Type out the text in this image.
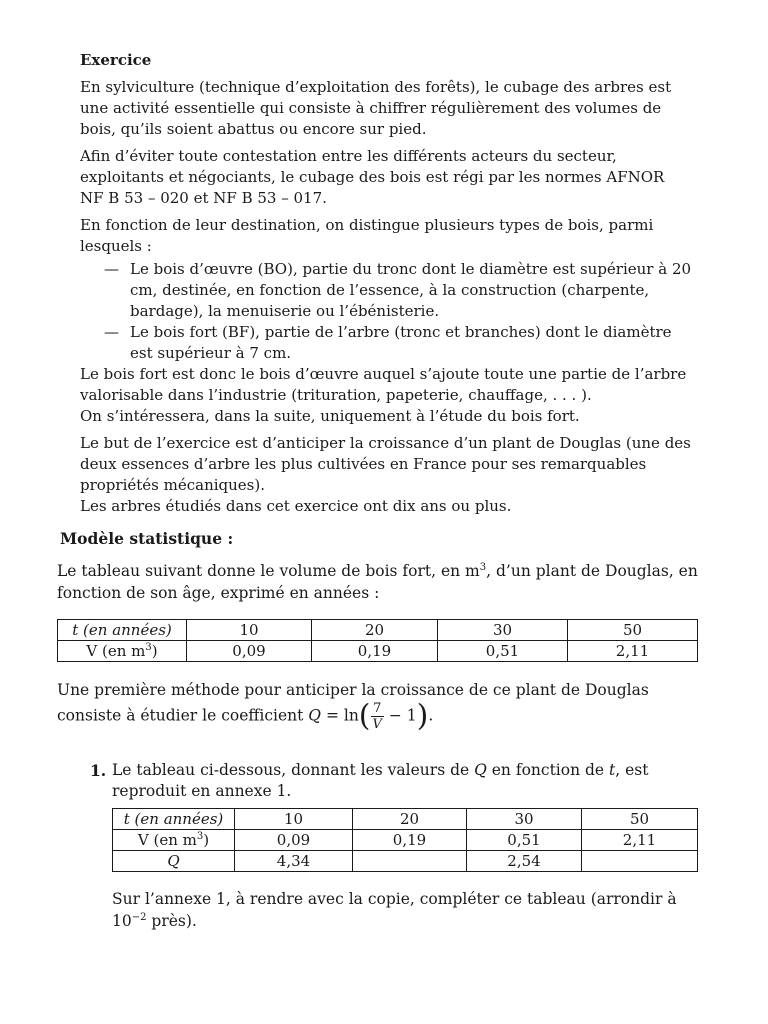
Exercice

En sylviculture (technique d’exploitation des forêts), le cubage des arbres est une activité essentielle qui consiste à chiffrer régulièrement des volumes de bois, qu’ils soient abattus ou encore sur pied.

Afin d’éviter toute contestation entre les différents acteurs du secteur, exploitants et négociants, le cubage des bois est régi par les normes AFNOR NF B 53 – 020 et NF B 53 – 017.

En fonction de leur destination, on distingue plusieurs types de bois, parmi lesquels :

— Le bois d’œuvre (BO), partie du tronc dont le diamètre est supérieur à 20 cm, destinée, en fonction de l’essence, à la construction (charpente, bardage), la menuiserie ou l’ébénisterie.
— Le bois fort (BF), partie de l’arbre (tronc et branches) dont le diamètre est supérieur à 7 cm.

Le bois fort est donc le bois d’œuvre auquel s’ajoute toute une partie de l’arbre valorisable dans l’industrie (trituration, papeterie, chauffage, . . . ).

On s’intéressera, dans la suite, uniquement à l’étude du bois fort.

Le but de l’exercice est d’anticiper la croissance d’un plant de Douglas (une des deux essences d’arbre les plus cultivées en France pour ses remarquables propriétés mécaniques).

Les arbres étudiés dans cet exercice ont dix ans ou plus.

Modèle statistique :
Le tableau suivant donne le volume de bois fort, en $m^3$, d’un plant de Douglas, en fonction de son âge, exprimé en années :
t (en années)	10	20	30	50
V (en $m^3$)	0,09	0,19	0,51	2,11
Une première méthode pour anticiper la croissance de ce plant de Douglas consiste à étudier le coefficient $Q = \ln( \frac{7}{V} - 1)$.
1. Le tableau ci-dessous, donnant les valeurs de Q en fonction de t, est reproduit en annexe 1.
t (en années)	10	20	30	50
V (en $m^3$)	0,09	0,19	0,51	2,11
Q	4,34		2,54	
Sur l’annexe 1, à rendre avec la copie, compléter ce tableau (arrondir à $10^{-2}$ près).
